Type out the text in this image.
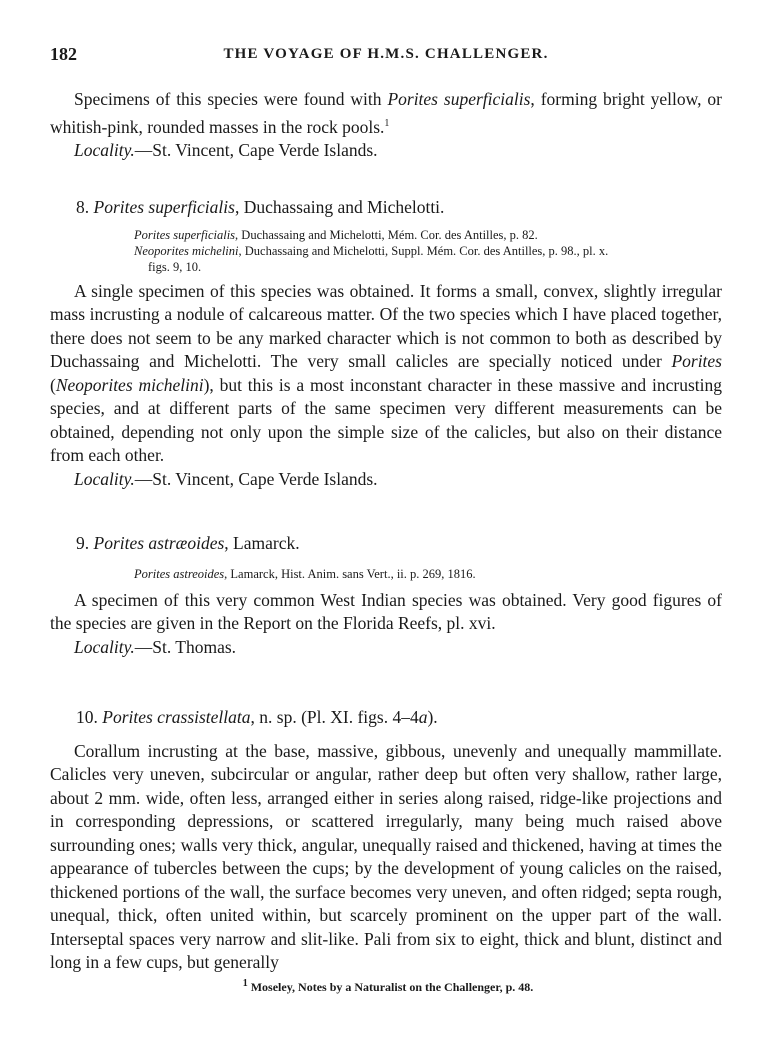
182	THE VOYAGE OF H.M.S. CHALLENGER.

Specimens of this species were found with Porites superficialis, forming bright yellow, or whitish-pink, rounded masses in the rock pools.$^1$

Locality.—St. Vincent, Cape Verde Islands.

8. Porites superficialis, Duchassaing and Michelotti.

Porites superficialis, Duchassaing and Michelotti, Mém. Cor. des Antilles, p. 82.

Neoporites michelini, Duchassaing and Michelotti, Suppl. Mém. Cor. des Antilles, p. 98., pl. x.
figs. 9, 10.

A single specimen of this species was obtained. It forms a small, convex, slightly irregular mass incrusting a nodule of calcareous matter. Of the two species which I have placed together, there does not seem to be any marked character which is not common to both as described by Duchassaing and Michelotti. The very small calicles are specially noticed under Porites (Neoporites michelini), but this is a most inconstant character in these massive and incrusting species, and at different parts of the same specimen very different measurements can be obtained, depending not only upon the simple size of the calicles, but also on their distance from each other.

Locality.—St. Vincent, Cape Verde Islands.

9. Porites astræoides, Lamarck.

Porites astreoides, Lamarck, Hist. Anim. sans Vert., ii. p. 269, 1816.

A specimen of this very common West Indian species was obtained. Very good figures of the species are given in the Report on the Florida Reefs, pl. xvi.

Locality.—St. Thomas.

10. Porites crassistellata, n. sp. (Pl. XI. figs. 4–4a).

Corallum incrusting at the base, massive, gibbous, unevenly and unequally mammillate. Calicles very uneven, subcircular or angular, rather deep but often very shallow, rather large, about 2 mm. wide, often less, arranged either in series along raised, ridge-like projections and in corresponding depressions, or scattered irregularly, many being much raised above surrounding ones; walls very thick, angular, unequally raised and thickened, having at times the appearance of tubercles between the cups; by the development of young calicles on the raised, thickened portions of the wall, the surface becomes very uneven, and often ridged; septa rough, unequal, thick, often united within, but scarcely prominent on the upper part of the wall. Interseptal spaces very narrow and slit-like. Pali from six to eight, thick and blunt, distinct and long in a few cups, but generally

$^1$ Moseley, Notes by a Naturalist on the Challenger, p. 48.
